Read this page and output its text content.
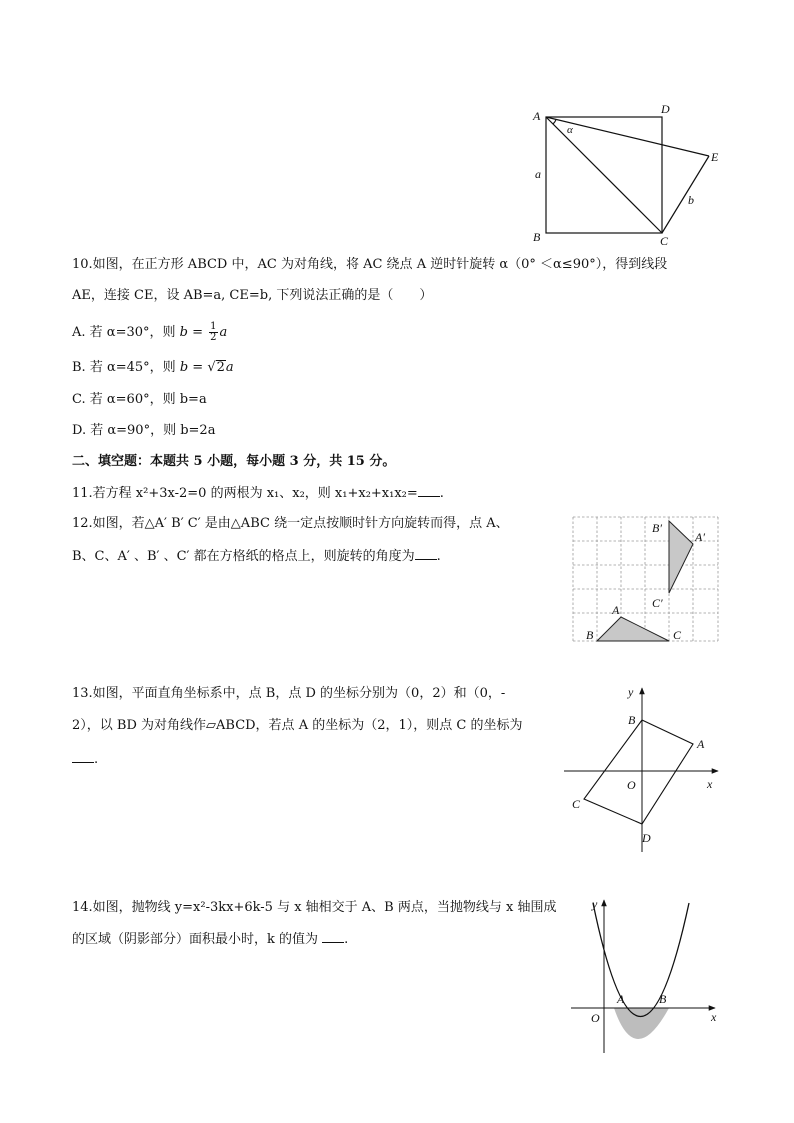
A	D
E
B	C
a
b
α
10.如图，在正方形 ABCD 中，AC 为对角线，将 AC 绕点 A 逆时针旋转 α（0° ＜α≤90°），得到线段
AE，连接 CE，设 AB=a, CE=b, 下列说法正确的是（　　）
A. 若 α=30°，则 $b = \frac{1}{2}$ a
B. 若 α=45°，则 b = √2a
C. 若 α=60°，则 b=a
D. 若 α=90°，则 b=2a
二、填空题：本题共 5 小题，每小题 3 分，共 15 分。
11.若方程 x²+3x-2=0 的两根为 x₁、x₂，则 x₁+x₂+x₁x₂= .
12.如图，若△A′ B′ C′ 是由△ABC 绕一定点按顺时针方向旋转而得，点 A、
B、C、A′ 、B′ 、C′ 都在方格纸的格点上，则旋转的角度为 .
B′
A′
C′
A
B	C
13.如图，平面直角坐标系中，点 B，点 D 的坐标分别为（0，2）和（0，-
2），以 BD 为对角线作▱ABCD，若点 A 的坐标为（2，1），则点 C 的坐标为
.
y
x
O
B
A
C
D
14.如图，抛物线 y=x²-3kx+6k-5 与 x 轴相交于 A、B 两点，当抛物线与 x 轴围成
的区域（阴影部分）面积最小时，k 的值为 .
y
x
O
A	B
